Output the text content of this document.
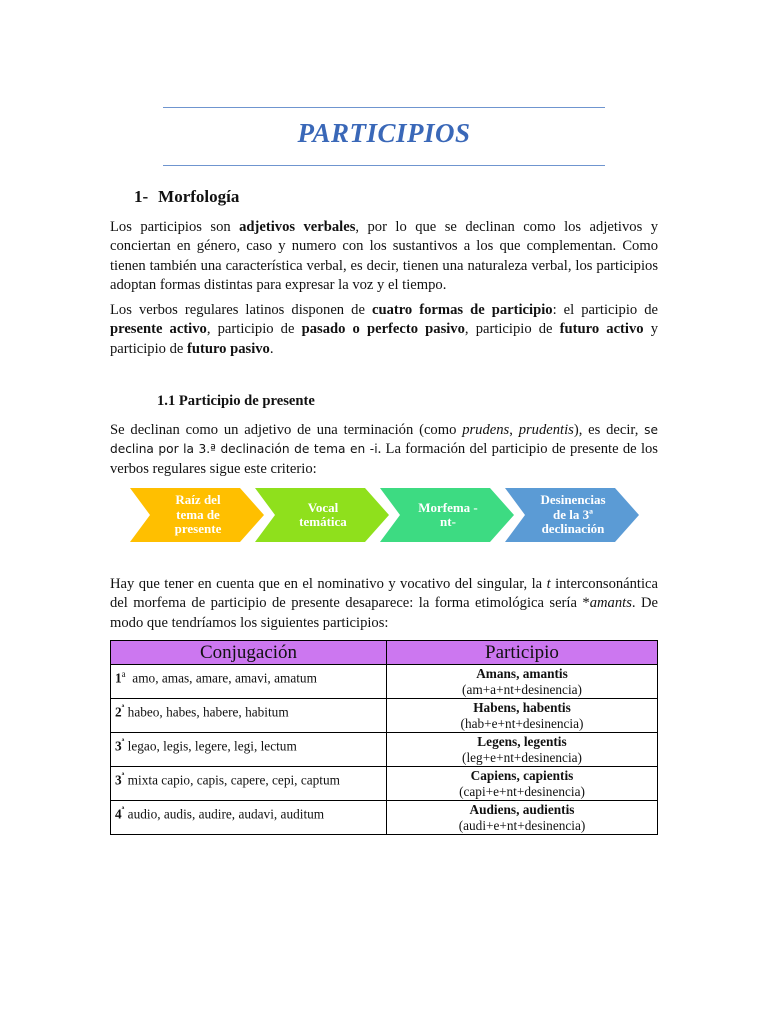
PARTICIPIOS
1- Morfología

Los participios son adjetivos verbales, por lo que se declinan como los adjetivos y conciertan en género, caso y numero con los sustantivos a los que complementan. Como tienen también una característica verbal, es decir, tienen una naturaleza verbal, los participios adoptan formas distintas para expresar la voz y el tiempo.

Los verbos regulares latinos disponen de cuatro formas de participio: el participio de presente activo, participio de pasado o perfecto pasivo, participio de futuro activo y participio de futuro pasivo.

1.1 Participio de presente

Se declinan como un adjetivo de una terminación (como prudens, prudentis), es decir, se declina por la 3.ª declinación de tema en -i. La formación del participio de presente de los verbos regulares sigue este criterio:

Raíz del
tema de
presente
Vocal
temática
Morfema -
nt-
Desinencias
de la 3ª
declinación

Hay que tener en cuenta que en el nominativo y vocativo del singular, la t interconsonántica del morfema de participio de presente desaparece: la forma etimológica sería *amants. De modo que tendríamos los siguientes participios:

Conjugación	Participio
1$^a$  amo, amas, amare, amavi, amatum	Amans, amantis
(am+a+nt+desinencia)

$2^ª$ habeo, habes, habere, habitum	Habens, habentis
(hab+e+nt+desinencia)

$3^ª$ legao, legis, legere, legi, lectum	Legens, legentis
(leg+e+nt+desinencia)

$3^ª$ mixta capio, capis, capere, cepi, captum	Capiens, capientis
(capi+e+nt+desinencia)

$4^ª$ audio, audis, audire, audavi, auditum	Audiens, audientis
(audi+e+nt+desinencia)
